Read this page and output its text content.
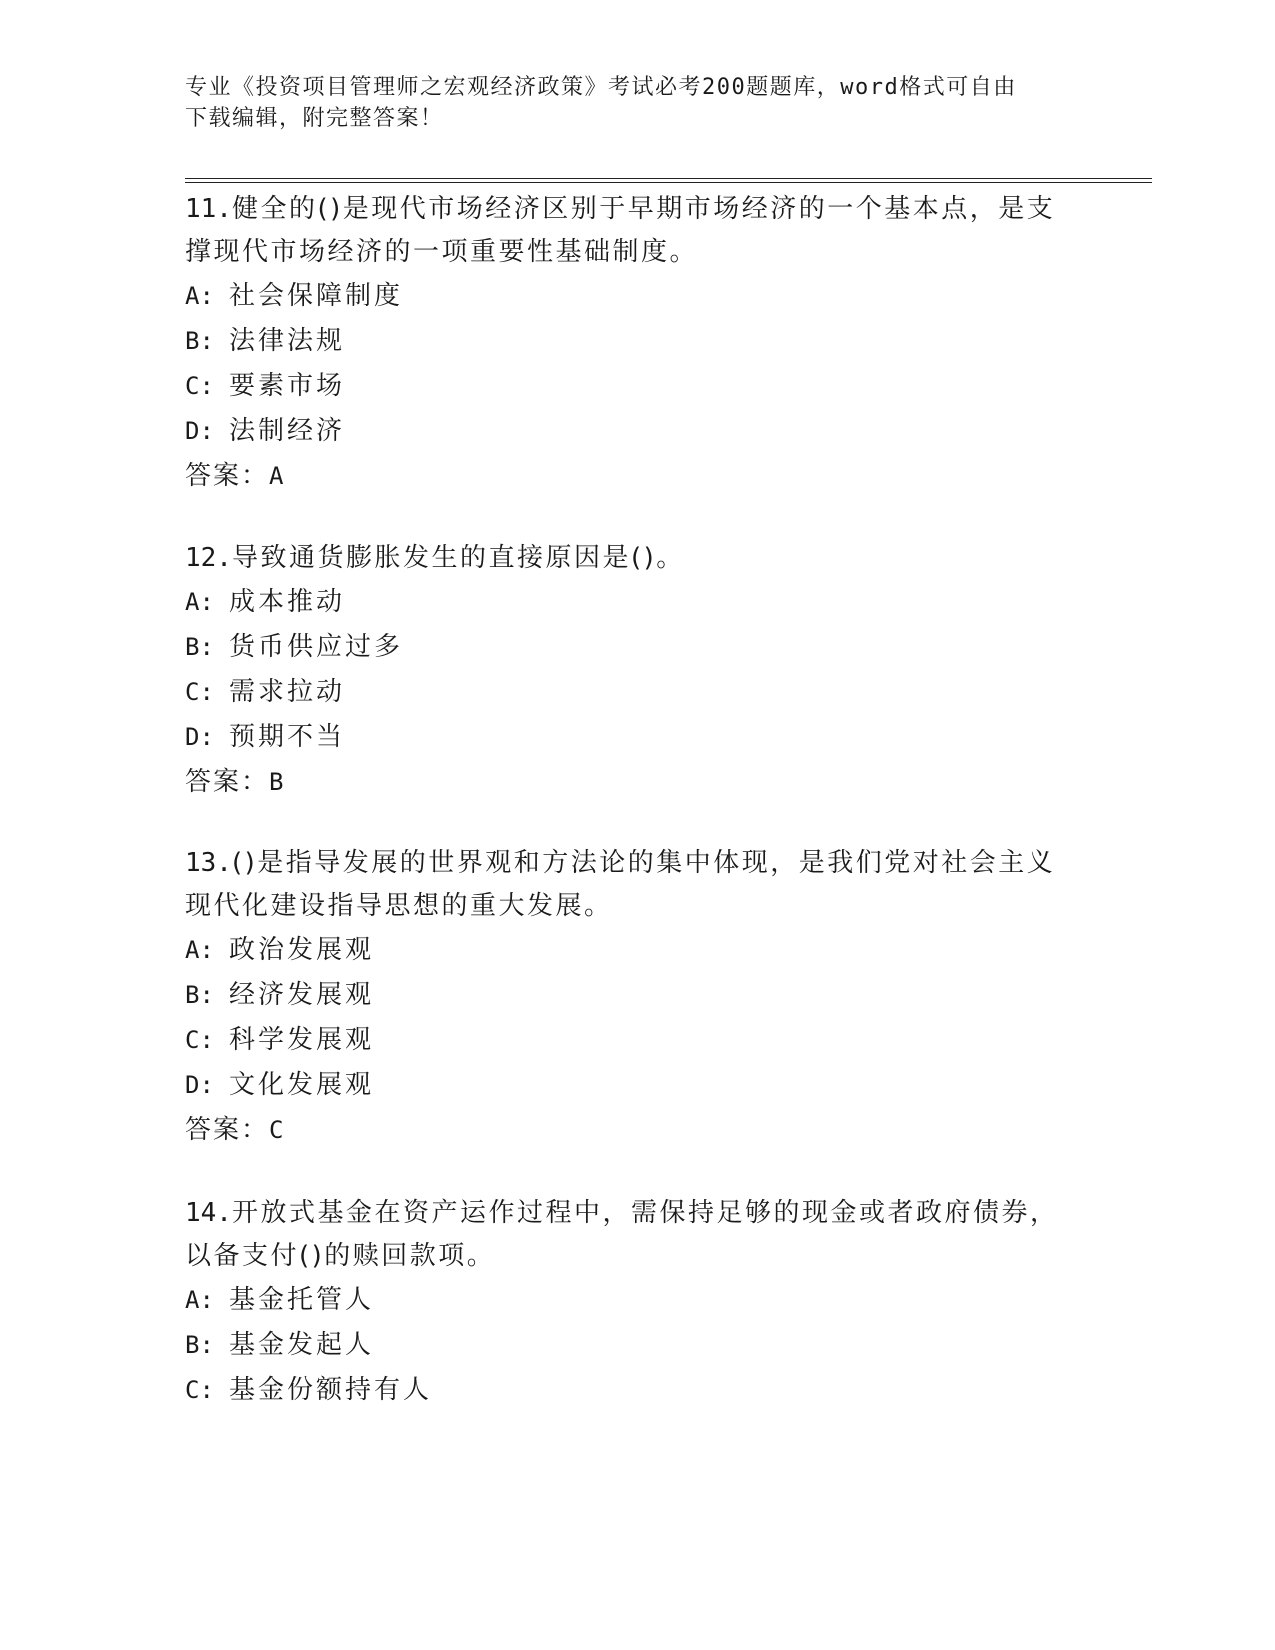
专业《投资项目管理师之宏观经济政策》考试必考200题题库，word格式可自由
下载编辑，附完整答案！
11.健全的()是现代市场经济区别于早期市场经济的一个基本点，是支
撑现代市场经济的一项重要性基础制度。
A: 社会保障制度
B: 法律法规
C: 要素市场
D: 法制经济
答案：A
12.导致通货膨胀发生的直接原因是()。
A: 成本推动
B: 货币供应过多
C: 需求拉动
D: 预期不当
答案：B
13.()是指导发展的世界观和方法论的集中体现，是我们党对社会主义
现代化建设指导思想的重大发展。
A: 政治发展观
B: 经济发展观
C: 科学发展观
D: 文化发展观
答案：C
14.开放式基金在资产运作过程中，需保持足够的现金或者政府债券，
以备支付()的赎回款项。
A: 基金托管人
B: 基金发起人
C: 基金份额持有人
